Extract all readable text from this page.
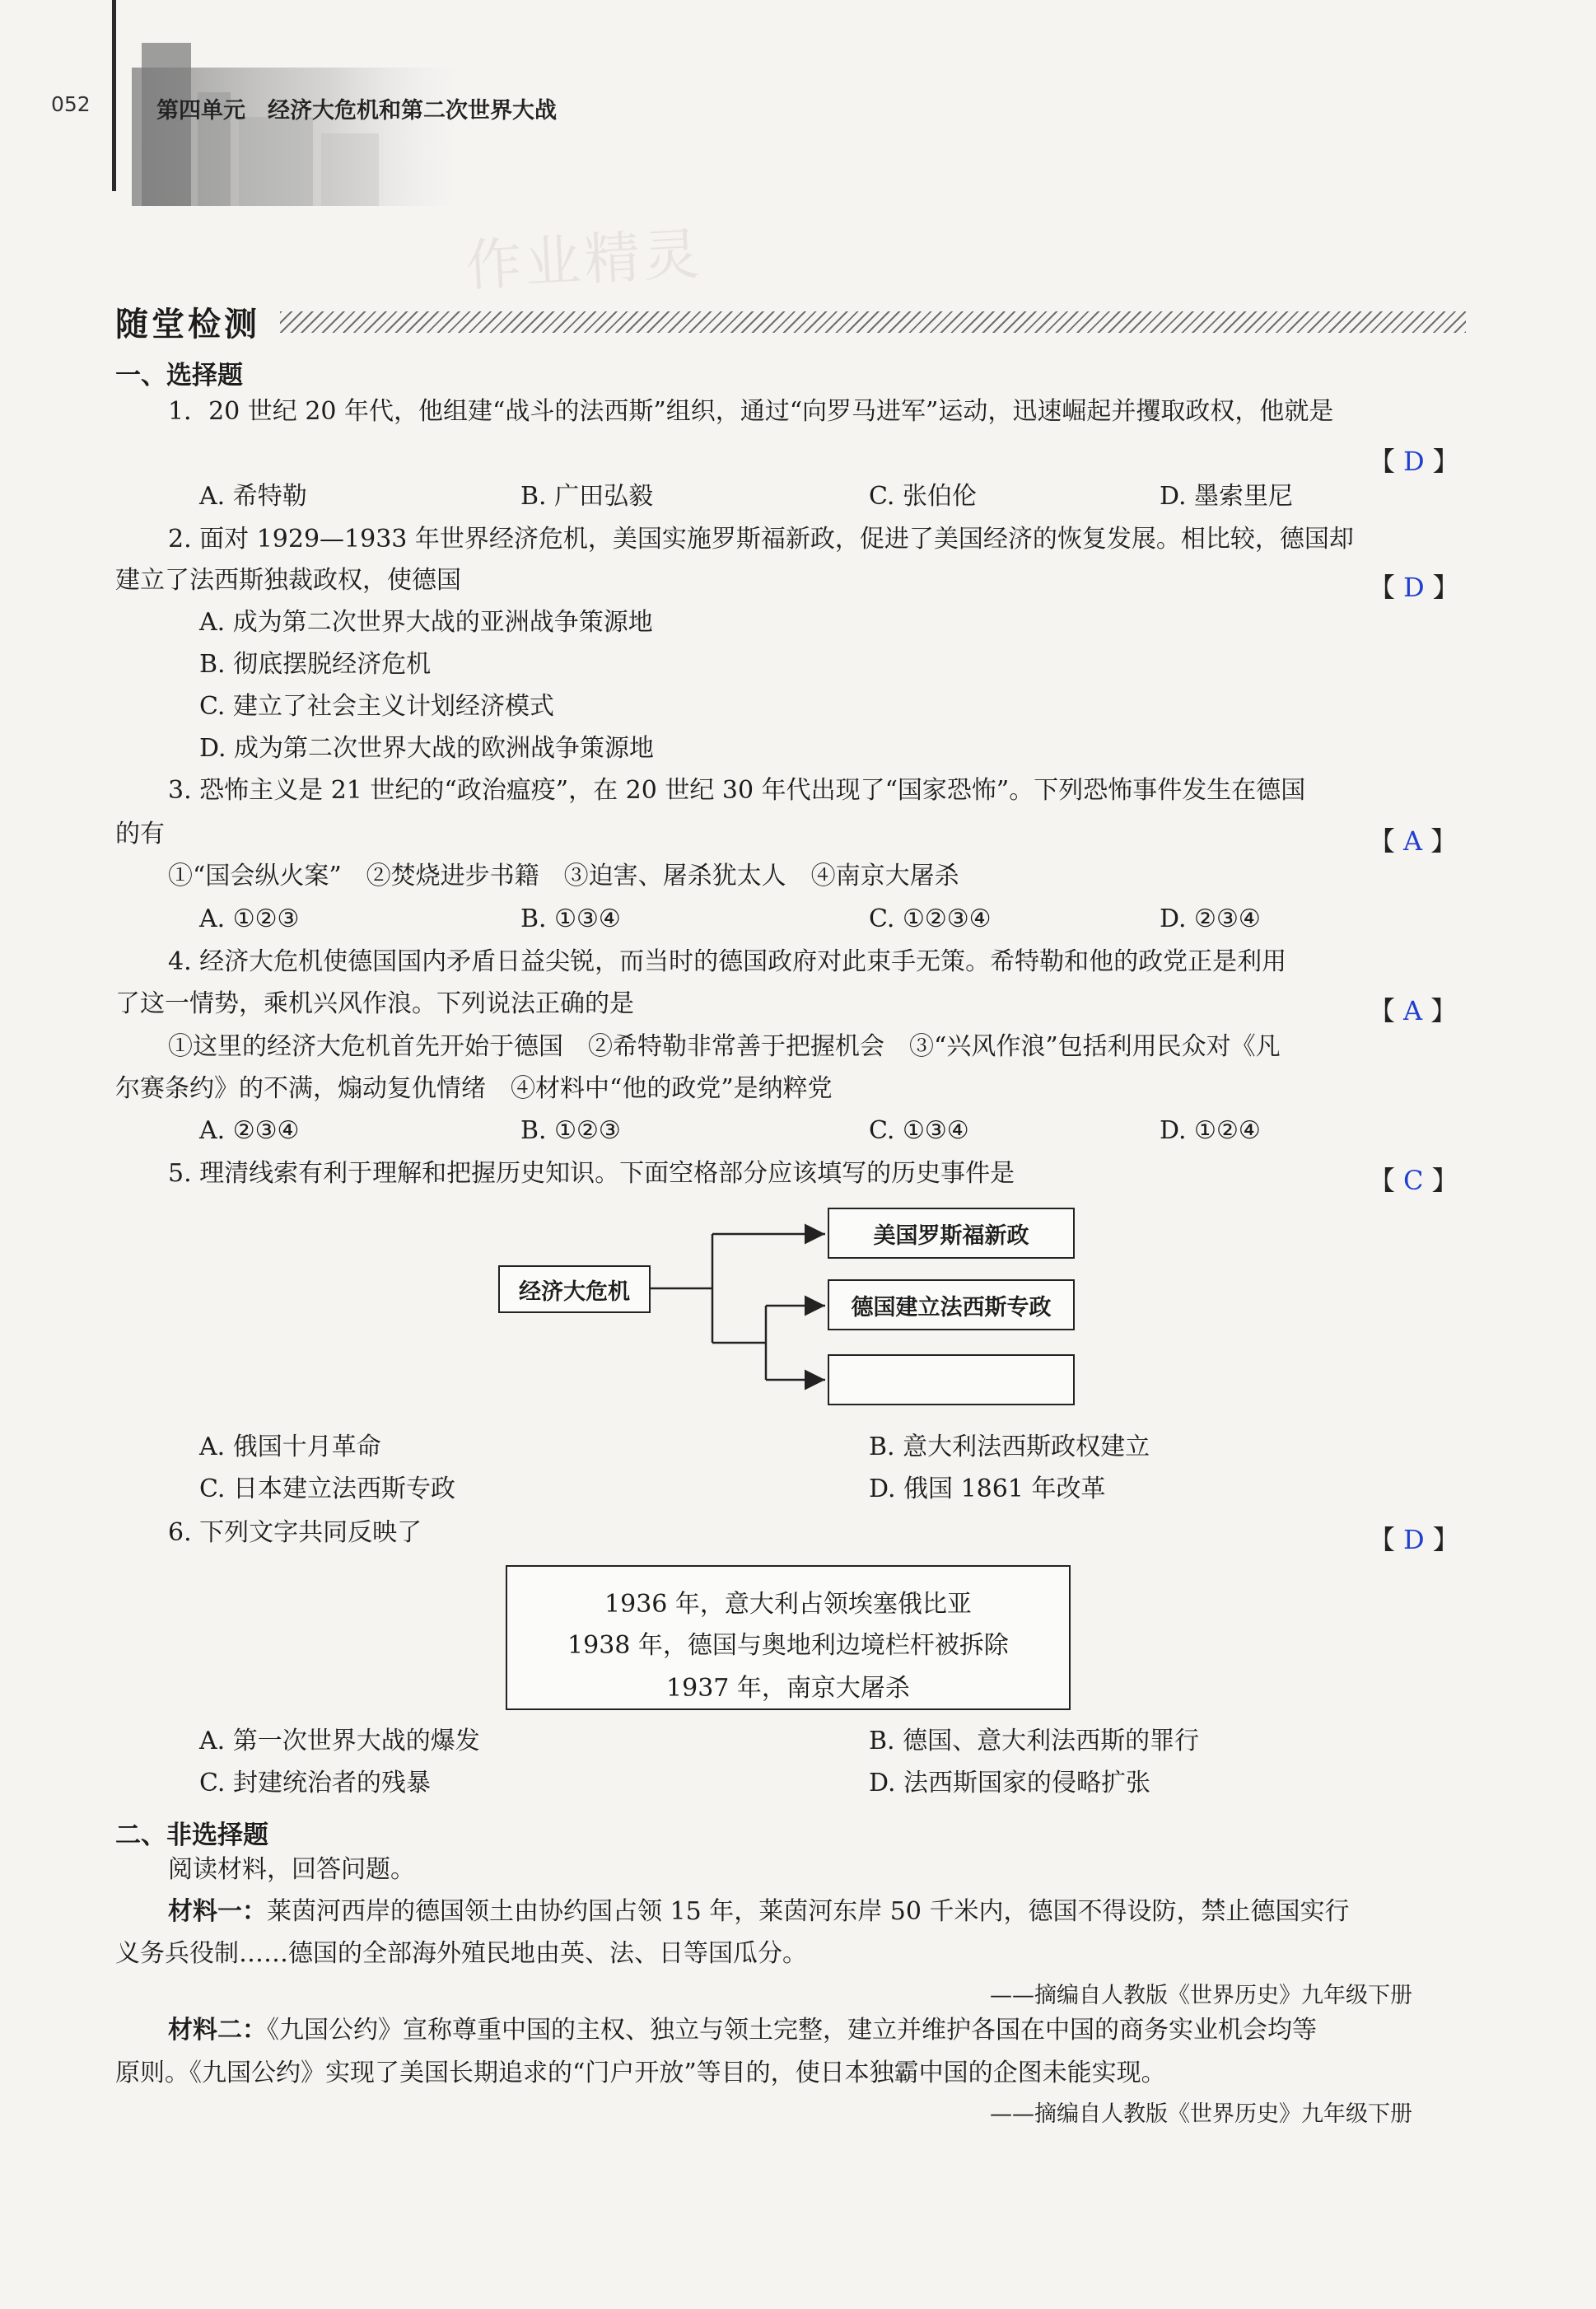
052	第四单元　经济大危机和第二次世界大战
作业精灵
随堂检测
一、选择题
1．20 世纪 20 年代，他组建“战斗的法西斯”组织，通过“向罗马进军”运动，迅速崛起并攫取政权，他就是
【 D 】
A. 希特勒	B. 广田弘毅	C. 张伯伦	D. 墨索里尼
2. 面对 1929—1933 年世界经济危机，美国实施罗斯福新政，促进了美国经济的恢复发展。相比较，德国却
建立了法西斯独裁政权，使德国	【 D 】
A. 成为第二次世界大战的亚洲战争策源地
B. 彻底摆脱经济危机
C. 建立了社会主义计划经济模式
D. 成为第二次世界大战的欧洲战争策源地
3. 恐怖主义是 21 世纪的“政治瘟疫”，在 20 世纪 30 年代出现了“国家恐怖”。下列恐怖事件发生在德国
的有	【 A 】
①“国会纵火案”　②焚烧进步书籍　③迫害、屠杀犹太人　④南京大屠杀
A. ①②③	B. ①③④	C. ①②③④	D. ②③④
4. 经济大危机使德国国内矛盾日益尖锐，而当时的德国政府对此束手无策。希特勒和他的政党正是利用
了这一情势，乘机兴风作浪。下列说法正确的是	【 A 】
①这里的经济大危机首先开始于德国　②希特勒非常善于把握机会　③“兴风作浪”包括利用民众对《凡
尔赛条约》的不满，煽动复仇情绪　④材料中“他的政党”是纳粹党
A. ②③④	B. ①②③	C. ①③④	D. ①②④
5. 理清线索有利于理解和把握历史知识。下面空格部分应该填写的历史事件是	【 C 】
经济大危机
美国罗斯福新政
德国建立法西斯专政
A. 俄国十月革命	B. 意大利法西斯政权建立
C. 日本建立法西斯专政	D. 俄国 1861 年改革
6. 下列文字共同反映了	【 D 】
1936 年，意大利占领埃塞俄比亚
1938 年，德国与奥地利边境栏杆被拆除
1937 年，南京大屠杀
A. 第一次世界大战的爆发	B. 德国、意大利法西斯的罪行
C. 封建统治者的残暴	D. 法西斯国家的侵略扩张
二、非选择题
阅读材料，回答问题。
材料一：莱茵河西岸的德国领土由协约国占领 15 年，莱茵河东岸 50 千米内，德国不得设防，禁止德国实行
义务兵役制……德国的全部海外殖民地由英、法、日等国瓜分。
——摘编自人教版《世界历史》九年级下册
材料二：《九国公约》宣称尊重中国的主权、独立与领土完整，建立并维护各国在中国的商务实业机会均等
原则。《九国公约》实现了美国长期追求的“门户开放”等目的，使日本独霸中国的企图未能实现。
——摘编自人教版《世界历史》九年级下册
